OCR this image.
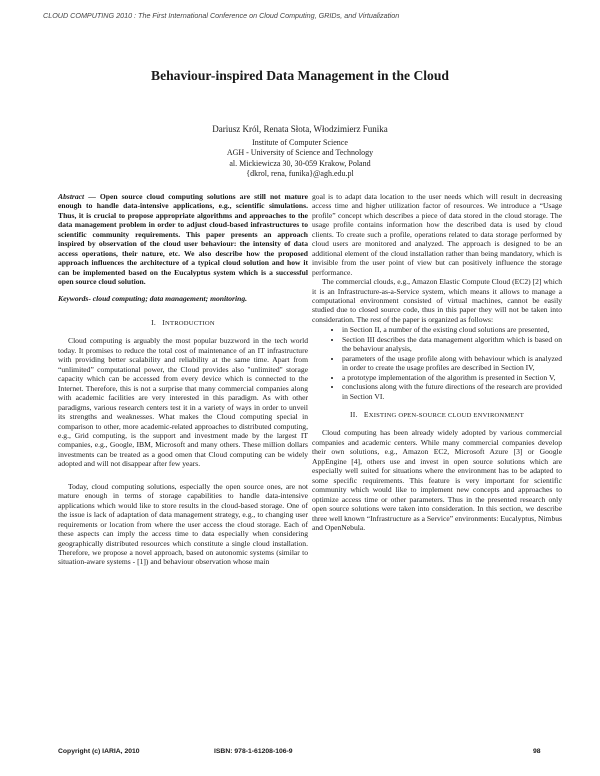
CLOUD COMPUTING 2010 : The First International Conference on Cloud Computing, GRIDs, and Virtualization
Behaviour-inspired Data Management in the Cloud
Dariusz Król, Renata Słota, Włodzimierz Funika
Institute of Computer Science
AGH - University of Science and Technology
al. Mickiewicza 30, 30-059 Krakow, Poland
{dkrol, rena, funika}@agh.edu.pl
Abstract — Open source cloud computing solutions are still not mature enough to handle data-intensive applications, e.g., scientific simulations. Thus, it is crucial to propose appropriate algorithms and approaches to the data management problem in order to adjust cloud-based infrastructures to scientific community requirements. This paper presents an approach inspired by observation of the cloud user behaviour: the intensity of data access operations, their nature, etc. We also describe how the proposed approach influences the architecture of a typical cloud solution and how it can be implemented based on the Eucalyptus system which is a successful open source cloud solution.
Keywords- cloud computing; data management; monitoring.
I. INTRODUCTION

Cloud computing is arguably the most popular buzzword in the tech world today. It promises to reduce the total cost of maintenance of an IT infrastructure with providing better scalability and reliability at the same time. Apart from “unlimited” computational power, the Cloud provides also "unlimited" storage capacity which can be accessed from every device which is connected to the Internet. Therefore, this is not a surprise that many commercial companies along with academic facilities are very interested in this paradigm. As with other paradigms, various research centers test it in a variety of ways in order to unveil its strengths and weaknesses. What makes the Cloud computing special in comparison to other, more academic-related approaches to distributed computing, e.g., Grid computing, is the support and investment made by the largest IT companies, e.g., Google, IBM, Microsoft and many others. These million dollars investments can be treated as a good omen that Cloud computing can be widely adopted and will not disappear after few years.

Today, cloud computing solutions, especially the open source ones, are not mature enough in terms of storage capabilities to handle data-intensive applications which would like to store results in the cloud-based storage. One of the issue is lack of adaptation of data management strategy, e.g., to changing user requirements or location from where the user access the cloud storage. Each of these aspects can imply the access time to data especially when considering geographically distributed resources which constitute a single cloud installation. Therefore, we propose a novel approach, based on autonomic systems (similar to situation-aware systems - [1]) and behaviour observation whose main

goal is to adapt data location to the user needs which will result in decreasing access time and higher utilization factor of resources. We introduce a “Usage profile” concept which describes a piece of data stored in the cloud storage. The usage profile contains information how the described data is used by cloud clients. To create such a profile, operations related to data storage performed by cloud users are monitored and analyzed. The approach is designed to be an additional element of the cloud installation rather than being mandatory, which is invisible from the user point of view but can positively influence the storage performance.

The commercial clouds, e.g., Amazon Elastic Compute Cloud (EC2) [2] which it is an Infrastructure-as-a-Service system, which means it allows to manage a computational environment consisted of virtual machines, cannot be easily studied due to closed source code, thus in this paper they will not be taken into consideration. The rest of the paper is organized as follows:

• in Section II, a number of the existing cloud solutions are presented,
• Section III describes the data management algorithm which is based on the behaviour analysis,
• parameters of the usage profile along with behaviour which is analyzed in order to create the usage profiles are described in Section IV,
• a prototype implementation of the algorithm is presented in Section V,
• conclusions along with the future directions of the research are provided in Section VI.
II. EXISTING OPEN-SOURCE CLOUD ENVIRONMENT

Cloud computing has been already widely adopted by various commercial companies and academic centers. While many commercial companies develop their own solutions, e.g., Amazon EC2, Microsoft Azure [3] or Google AppEngine [4], others use and invest in open source solutions which are especially well suited for situations where the environment has to be adapted to some specific requirements. This feature is very important for scientific community which would like to implement new concepts and approaches to optimize access time or other parameters. Thus in the presented research only open source solutions were taken into consideration. In this section, we describe three well known “Infrastructure as a Service” environments: Eucalyptus, Nimbus and OpenNebula.

Copyright (c) IARIA, 2010	ISBN: 978-1-61208-106-9	98
